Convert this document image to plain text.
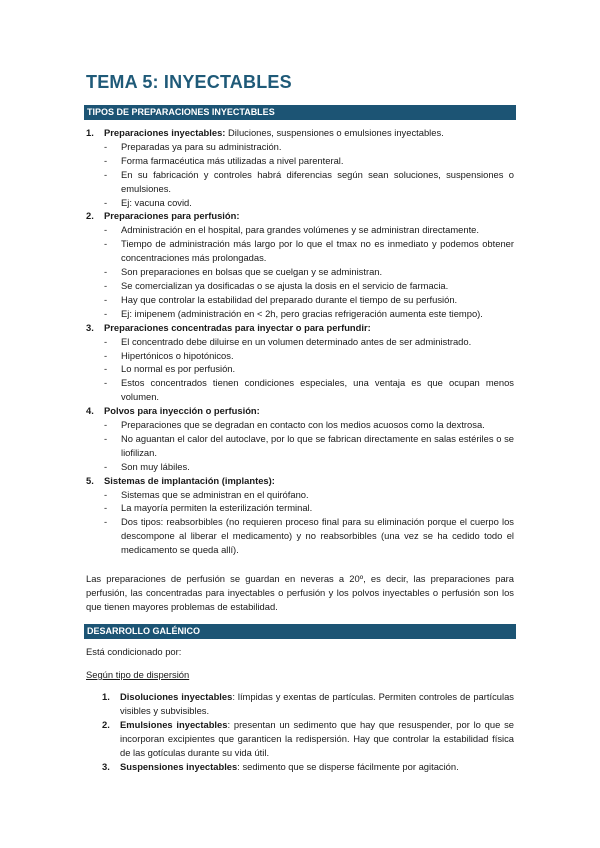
TEMA 5: INYECTABLES
TIPOS DE PREPARACIONES INYECTABLES
1. Preparaciones inyectables: Diluciones, suspensiones o emulsiones inyectables.
- Preparadas ya para su administración.
- Forma farmacéutica más utilizadas a nivel parenteral.
- En su fabricación y controles habrá diferencias según sean soluciones, suspensiones o emulsiones.
- Ej: vacuna covid.
2. Preparaciones para perfusión:
- Administración en el hospital, para grandes volúmenes y se administran directamente.
- Tiempo de administración más largo por lo que el tmax no es inmediato y podemos obtener concentraciones más prolongadas.
- Son preparaciones en bolsas que se cuelgan y se administran.
- Se comercializan ya dosificadas o se ajusta la dosis en el servicio de farmacia.
- Hay que controlar la estabilidad del preparado durante el tiempo de su perfusión.
- Ej: imipenem (administración en < 2h, pero gracias refrigeración aumenta este tiempo).
3. Preparaciones concentradas para inyectar o para perfundir:
- El concentrado debe diluirse en un volumen determinado antes de ser administrado.
- Hipertónicos o hipotónicos.
- Lo normal es por perfusión.
- Estos concentrados tienen condiciones especiales, una ventaja es que ocupan menos volumen.
4. Polvos para inyección o perfusión:
- Preparaciones que se degradan en contacto con los medios acuosos como la dextrosa.
- No aguantan el calor del autoclave, por lo que se fabrican directamente en salas estériles o se liofilizan.
- Son muy lábiles.
5. Sistemas de implantación (implantes):
- Sistemas que se administran en el quirófano.
- La mayoría permiten la esterilización terminal.
- Dos tipos: reabsorbibles (no requieren proceso final para su eliminación porque el cuerpo los descompone al liberar el medicamento) y no reabsorbibles (una vez se ha cedido todo el medicamento se queda allí).
Las preparaciones de perfusión se guardan en neveras a 20º, es decir, las preparaciones para perfusión, las concentradas para inyectables o perfusión y los polvos inyectables o perfusión son los que tienen mayores problemas de estabilidad.
DESARROLLO GALÉNICO
Está condicionado por:
Según tipo de dispersión
1. Disoluciones inyectables: límpidas y exentas de partículas. Permiten controles de partículas visibles y subvisibles.
2. Emulsiones inyectables: presentan un sedimento que hay que resuspender, por lo que se incorporan excipientes que garanticen la redispersión. Hay que controlar la estabilidad física de las gotículas durante su vida útil.
3. Suspensiones inyectables: sedimento que se disperse fácilmente por agitación.
